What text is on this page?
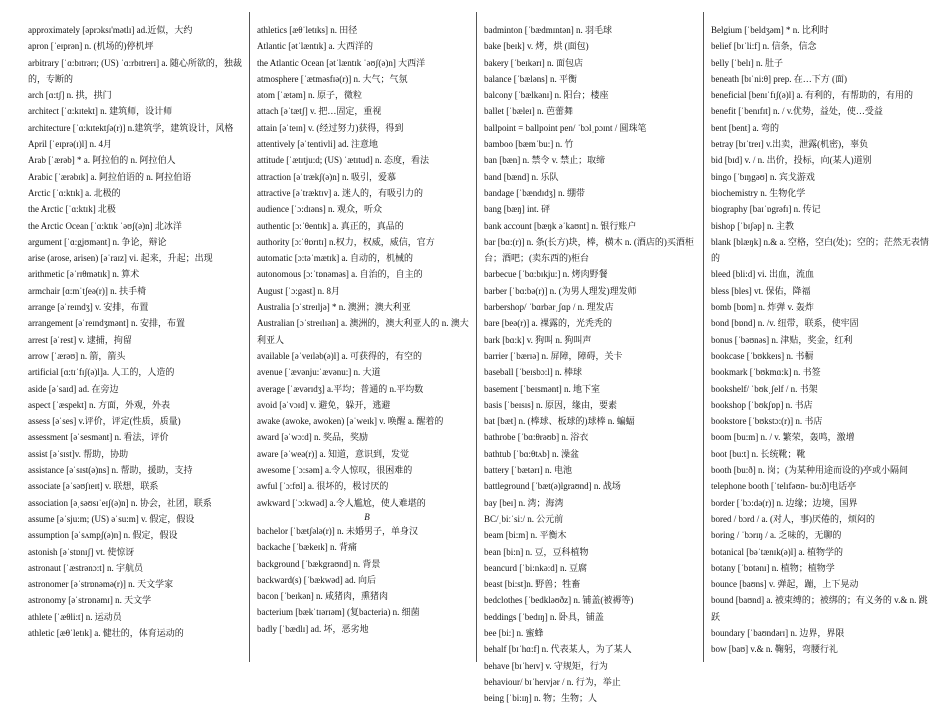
approximately [əprɔksɪ'mətlɪ] ad.近似，大约

apron [ˈeɪprən] n. (机场的)停机坪

arbitrary [ˈɑ:bɪtrərɪ; (US) ˈɑ:rbɪtrerɪ] a. 随心所欲的，独裁的，专断的

arch [ɑ:tʃ] n. 拱，拱门

architect [ˈɑ:kɪtekt] n. 建筑师，设计师

architecture [ˈɑ:kɪtektʃə(r)] n.建筑学，建筑设计，风格

April [ˈeɪprə(ɪ)l] n. 4月

Arab [ˈærəb] * a. 阿拉伯的 n. 阿拉伯人

Arabic [ˈærəbɪk] a. 阿拉伯语的 n. 阿拉伯语

Arctic [ˈɑ:ktɪk] a. 北极的

the Arctic [ˈɑ:ktɪk] 北极

the Arctic Ocean [ˈɑ:ktɪk ˈəʊʃ(ə)n] 北冰洋

argument [ˈɑ:gjʊmənt] n. 争论，辩论

arise (arose, arisen) [əˈraɪz] vi. 起来，升起；出现

arithmetic [əˈrɪθmətɪk] n. 算术

armchair [ɑ:mˈtʃeə(r)] n. 扶手椅

arrange [əˈreɪndʒ] v. 安排，布置

arrangement [əˈreɪndʒmənt] n. 安排，布置

arrest [əˈrest] v. 逮捕，拘留

arrow [ˈærəʊ] n. 箭，箭头

artificial [ɑ:tɪˈfɪʃ(ə)l]a. 人工的，人造的

aside [əˈsaɪd] ad. 在旁边

aspect [ˈæspekt] n. 方面，外观，外表

assess [əˈses] v.评价，评定(性质，质量)

assessment [əˈsesmənt] n. 看法，评价

assist [əˈsɪst]v. 帮助，协助

assistance [əˈsɪst(ə)ns] n. 帮助，援助，支持

associate [əˈsəʊʃɪeɪt] v. 联想，联系

association [əˌsəʊsɪˈeɪʃ(ə)n] n. 协会，社团，联系

assume [əˈsju:m; (US) əˈsu:m] v. 假定，假设

assumption [əˈsʌmpʃ(ə)n] n. 假定，假设

astonish [əˈstɒnɪʃ] vt. 使惊讶

astronaut [ˈæstrənɔ:t] n. 宇航员

astronomer [əˈstrɒnəmə(r)] n. 天文学家

astronomy [əˈstrɒnəmɪ] n. 天文学

athlete [ˈæθli:t] n. 运动员

athletic [æθˈletɪk] a. 健壮的，体育运动的

athletics [æθˈletɪks] n. 田径

Atlantic [ətˈlæntɪk] a. 大西洋的

the Atlantic Ocean [ətˈlæntɪk ˈəʊʃ(ə)n] 大西洋

atmosphere [ˈætməsfɪə(r)] n. 大气；气氛

atom [ˈætəm] n. 原子，微粒

attach [əˈtætʃ] v. 把…固定，重视

attain [əˈteɪn] v. (经过努力)获得，得到

attentively [əˈtentivli] ad. 注意地

attitude [ˈætɪtju:d; (US) ˈætɪtud] n. 态度，看法

attraction [əˈtrækʃ(ə)n] n. 吸引，爱慕

attractive [əˈtræktɪv] a. 迷人的，有吸引力的

audience [ˈɔ:dɪəns] n. 观众，听众

authentic [ɔ:ˈθentɪk] a. 真正的，真品的

authority [ɔ:ˈθɒrɪtɪ] n.权力，权威，威信，官方

automatic [ɔ:təˈmætɪk] a. 自动的，机械的

autonomous [ɔ:ˈtɒnəməs] a. 自治的，自主的

August [ˈɔ:gəst] n. 8月

Australia [ɔˈstreɪljə] * n. 澳洲；澳大利亚

Australian [ɔˈstreɪlɪən] a. 澳洲的，澳大利亚人的 n. 澳大利亚人

available [əˈveɪləb(ə)l] a. 可获得的，有空的

avenue [ˈævənju:ˈævənu:] n. 大道

average [ˈævərɪdʒ] a.平均；普通的 n.平均数

avoid [əˈvɔɪd] v. 避免，躲开，逃避

awake (awoke, awoken) [əˈweɪk] v. 唤醒 a. 醒着的

award [əˈwɔ:d] n. 奖品，奖励

aware [əˈweə(r)] a. 知道，意识到，发觉

awesome [ˈɔ:səm] a.令人惊叹，很困难的

awful [ˈɔ:fʊl] a. 很坏的，极讨厌的

awkward [ˈɔ:kwəd] a.令人尴尬，使人难堪的

B

bachelor [ˈbætʃələ(r)] n. 未婚男子，单身汉

backache [ˈbækeɪk] n. 背痛

background [ˈbækgraʊnd] n. 背景

backward(s) [ˈbækwəd] ad. 向后

bacon [ˈbeɪkən] n. 咸猪肉，熏猪肉

bacterium [bækˈtɪərɪəm] (复bacteria) n. 细菌

badly [ˈbædlɪ] ad. 坏，恶劣地

badminton [ˈbædmɪntən] n. 羽毛球

bake [beɪk] v. 烤，烘 (面包)

bakery [ˈbeɪkərɪ] n. 面包店

balance [ˈbæləns] n. 平衡

balcony [ˈbælkənɪ] n. 阳台；楼座

ballet [ˈbæleɪ] n. 芭蕾舞

ballpoint = ballpoint pen/ ˈbɔlˌpɔɪnt / 圆珠笔

bamboo [bæmˈbu:] n. 竹

ban [bæn] n. 禁令 v. 禁止；取缔

band [bænd] n. 乐队

bandage [ˈbændɪdʒ] n. 绷带

bang [bæŋ] int. 砰

bank account [bæŋk əˈkaʊnt] n. 银行账户

bar [bɑ:(r)] n. 条(长方)块，棒，横木 n. (酒店的)买酒柜台；酒吧；(卖东西的)柜台

barbecue [ˈbɑ:bɪkju:] n. 烤肉野餐

barber [ˈbɑ:bə(r)] n. (为男人理发)理发师

barbershop/ ˈbɑrbərˌʃɑp / n. 理发店

bare [beə(r)] a. 裸露的，光秃秃的

bark [bɑ:k] v. 狗叫 n. 狗叫声

barrier [ˈbærɪə] n. 屏障，障碍，关卡

baseball [ˈbeɪsbɔ:l] n. 棒球

basement [ˈbeɪsmənt] n. 地下室

basis [ˈbeɪsɪs] n. 原因，缘由，要素

bat [bæt] n. (棒球、板球的)球棒 n. 蝙蝠

bathrobe [ˈbɑ:θrəʊb] n. 浴衣

bathtub [ˈbɑ:θtʌb] n. 澡盆

battery [ˈbætərɪ] n. 电池

battleground [ˈbæt(ə)lgraʊnd] n. 战场

bay [beɪ] n. 湾；海湾

BC/ˌbiːˈsiː/ n. 公元前

beam [bi:m] n. 平衡木

bean [bi:n] n. 豆，豆科植物

beancurd [ˈbi:nkə:d] n. 豆腐

beast [bi:st]n. 野兽；牲畜

bedclothes [ˈbedkləʊðz] n. 铺盖(被褥等)

beddings [ˈbedɪŋ] n. 卧具，铺盖

bee [bi:] n. 蜜蜂

behalf [bɪˈhɑ:f] n. 代表某人，为了某人

behave [bɪˈheɪv] v. 守规矩，行为

behaviour/ bɪˈheɪvjər / n. 行为，举止

being [ˈbi:ɪŋ] n. 物；生物；人

Belgium [ˈbeldʒəm] * n. 比利时

belief [bɪˈli:f] n. 信条，信念

belly [ˈbelɪ] n. 肚子

beneath [bɪˈni:θ] prep. 在…下方 (面)

beneficial [benɪˈfɪʃ(ə)l] a. 有利的，有帮助的，有用的

benefit [ˈbenɪfɪt] n. / v.优势，益处，使…受益

bent [bent] a. 弯的

betray [bɪˈtreɪ] v.出卖，泄露(机密)，辜负

bid [bɪd] v. / n. 出价，投标，向(某人)道别

bingo [ˈbɪŋgəʊ] n. 宾戈游戏

biochemistry n. 生物化学

biography [baɪˈɒgrəfɪ] n. 传记

bishop [ˈbɪʃəp] n. 主教

blank [blæŋk] n.& a. 空格，空白(处)；空的；茫然无表情的

bleed [bli:d] vi. 出血，流血

bless [bles] vt. 保佑，降福

bomb [bɒm] n. 炸弹 v. 轰炸

bond [bɒnd] n. /v. 纽带，联系，使牢固

bonus [ˈbəʊnəs] n. 津贴，奖金，红利

bookcase [ˈbʊkkeɪs] n. 书橱

bookmark [ˈbʊkmɑ:k] n. 书签

bookshelf/ ˈbʊkˌʃelf / n. 书架

bookshop [ˈbʊkʃɒp] n. 书店

bookstore [ˈbʊkstɔ:(r)] n. 书店

boom [bu:m] n. / v. 繁荣，轰鸣，激增

boot [bu:t] n. 长统靴；靴

booth [bu:ð] n. 岗；(为某种用途而设的)亭或小隔间

telephone booth [ˈtelɪfəʊn- bu:ð]电话亭

border [ˈbɔ:də(r)] n. 边缘；边境，国界

bored / bɔrd / a. (对人，事)厌倦的，烦闷的

boring / ˈbɔrɪŋ / a. 乏味的，无聊的

botanical [bəˈtænɪk(ə)l] a. 植物学的

botany [ˈbɒtənɪ] n. 植物；植物学

bounce [baʊns] v. 弹起，蹦，上下晃动

bound [baʊnd] a. 被束缚的；被绑的；有义务的 v.& n. 跳跃

boundary [ˈbaʊndərɪ] n. 边界，界限

bow [baʊ] v.& n. 鞠躬，弯腰行礼
